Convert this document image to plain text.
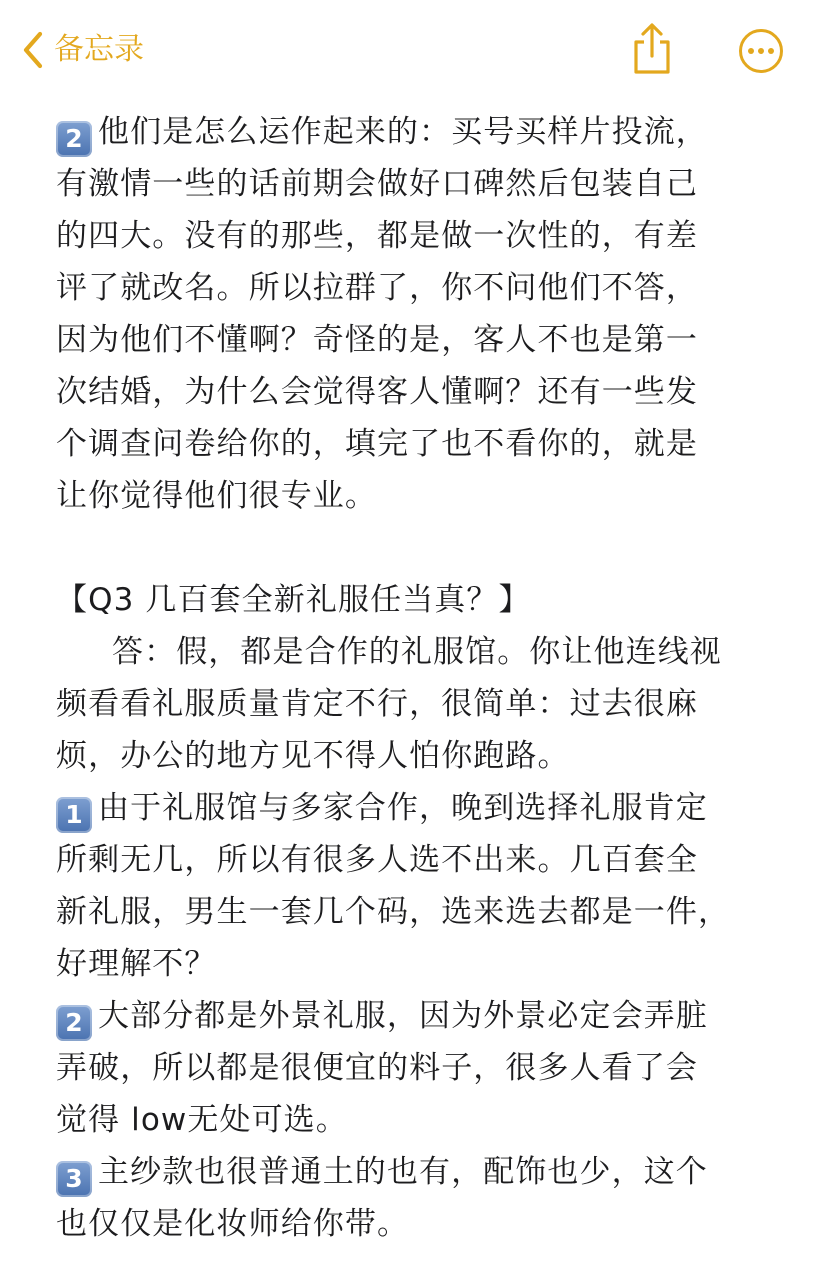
备忘录

2 他们是怎么运作起来的：买号买样片投流，

有激情一些的话前期会做好口碑然后包装自己

的四大。没有的那些，都是做一次性的，有差

评了就改名。所以拉群了，你不问他们不答，

因为他们不懂啊？奇怪的是，客人不也是第一

次结婚，为什么会觉得客人懂啊？还有一些发

个调查问卷给你的，填完了也不看你的，就是

让你觉得他们很专业。

【Q3 几百套全新礼服任当真？】

答：假，都是合作的礼服馆。你让他连线视

频看看礼服质量肯定不行，很简单：过去很麻

烦，办公的地方见不得人怕你跑路。

1 由于礼服馆与多家合作，晚到选择礼服肯定

所剩无几，所以有很多人选不出来。几百套全

新礼服，男生一套几个码，选来选去都是一件，

好理解不？

2 大部分都是外景礼服，因为外景必定会弄脏

弄破，所以都是很便宜的料子，很多人看了会

觉得 low无处可选。

3 主纱款也很普通土的也有，配饰也少，这个

也仅仅是化妆师给你带。
